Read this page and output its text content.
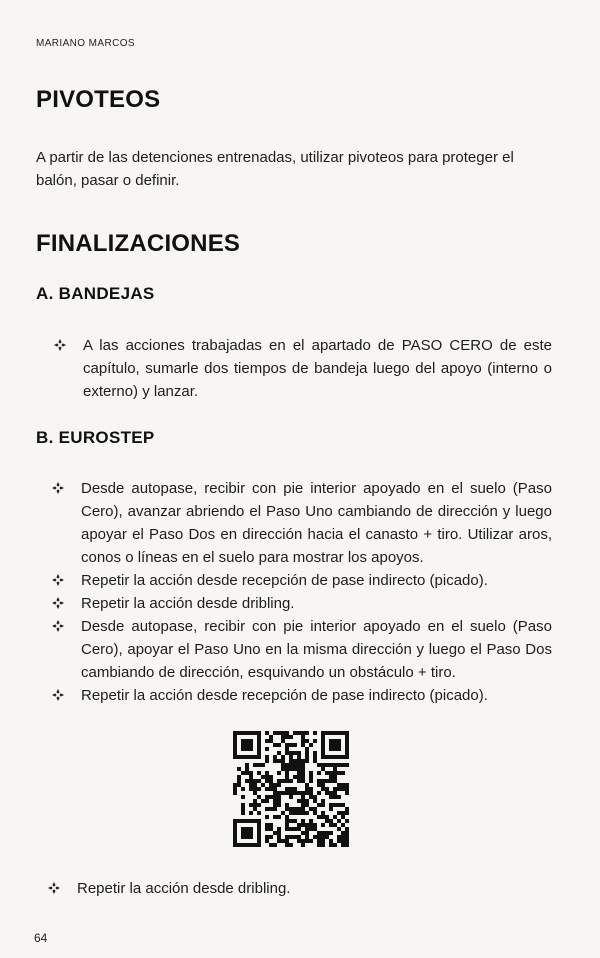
MARIANO MARCOS
PIVOTEOS

A partir de las detenciones entrenadas, utilizar pivoteos para proteger el balón, pasar o definir.

FINALIZACIONES
A. BANDEJAS
A las acciones trabajadas en el apartado de PASO CERO de este capítulo, sumarle dos tiempos de bandeja luego del apoyo (interno o externo) y lanzar.
B. EUROSTEP
Desde autopase, recibir con pie interior apoyado en el suelo (Paso Cero), avanzar abriendo el Paso Uno cambiando de dirección y luego apoyar el Paso Dos en dirección hacia el canasto + tiro. Utilizar aros, conos o líneas en el suelo para mostrar los apoyos.
Repetir la acción desde recepción de pase indirecto (picado).
Repetir la acción desde dribling.
Desde autopase, recibir con pie interior apoyado en el suelo (Paso Cero), apoyar el Paso Uno en la misma dirección y luego el Paso Dos cambiando de dirección, esquivando un obstáculo + tiro.
Repetir la acción desde recepción de pase indirecto (picado).
Repetir la acción desde dribling.
64
